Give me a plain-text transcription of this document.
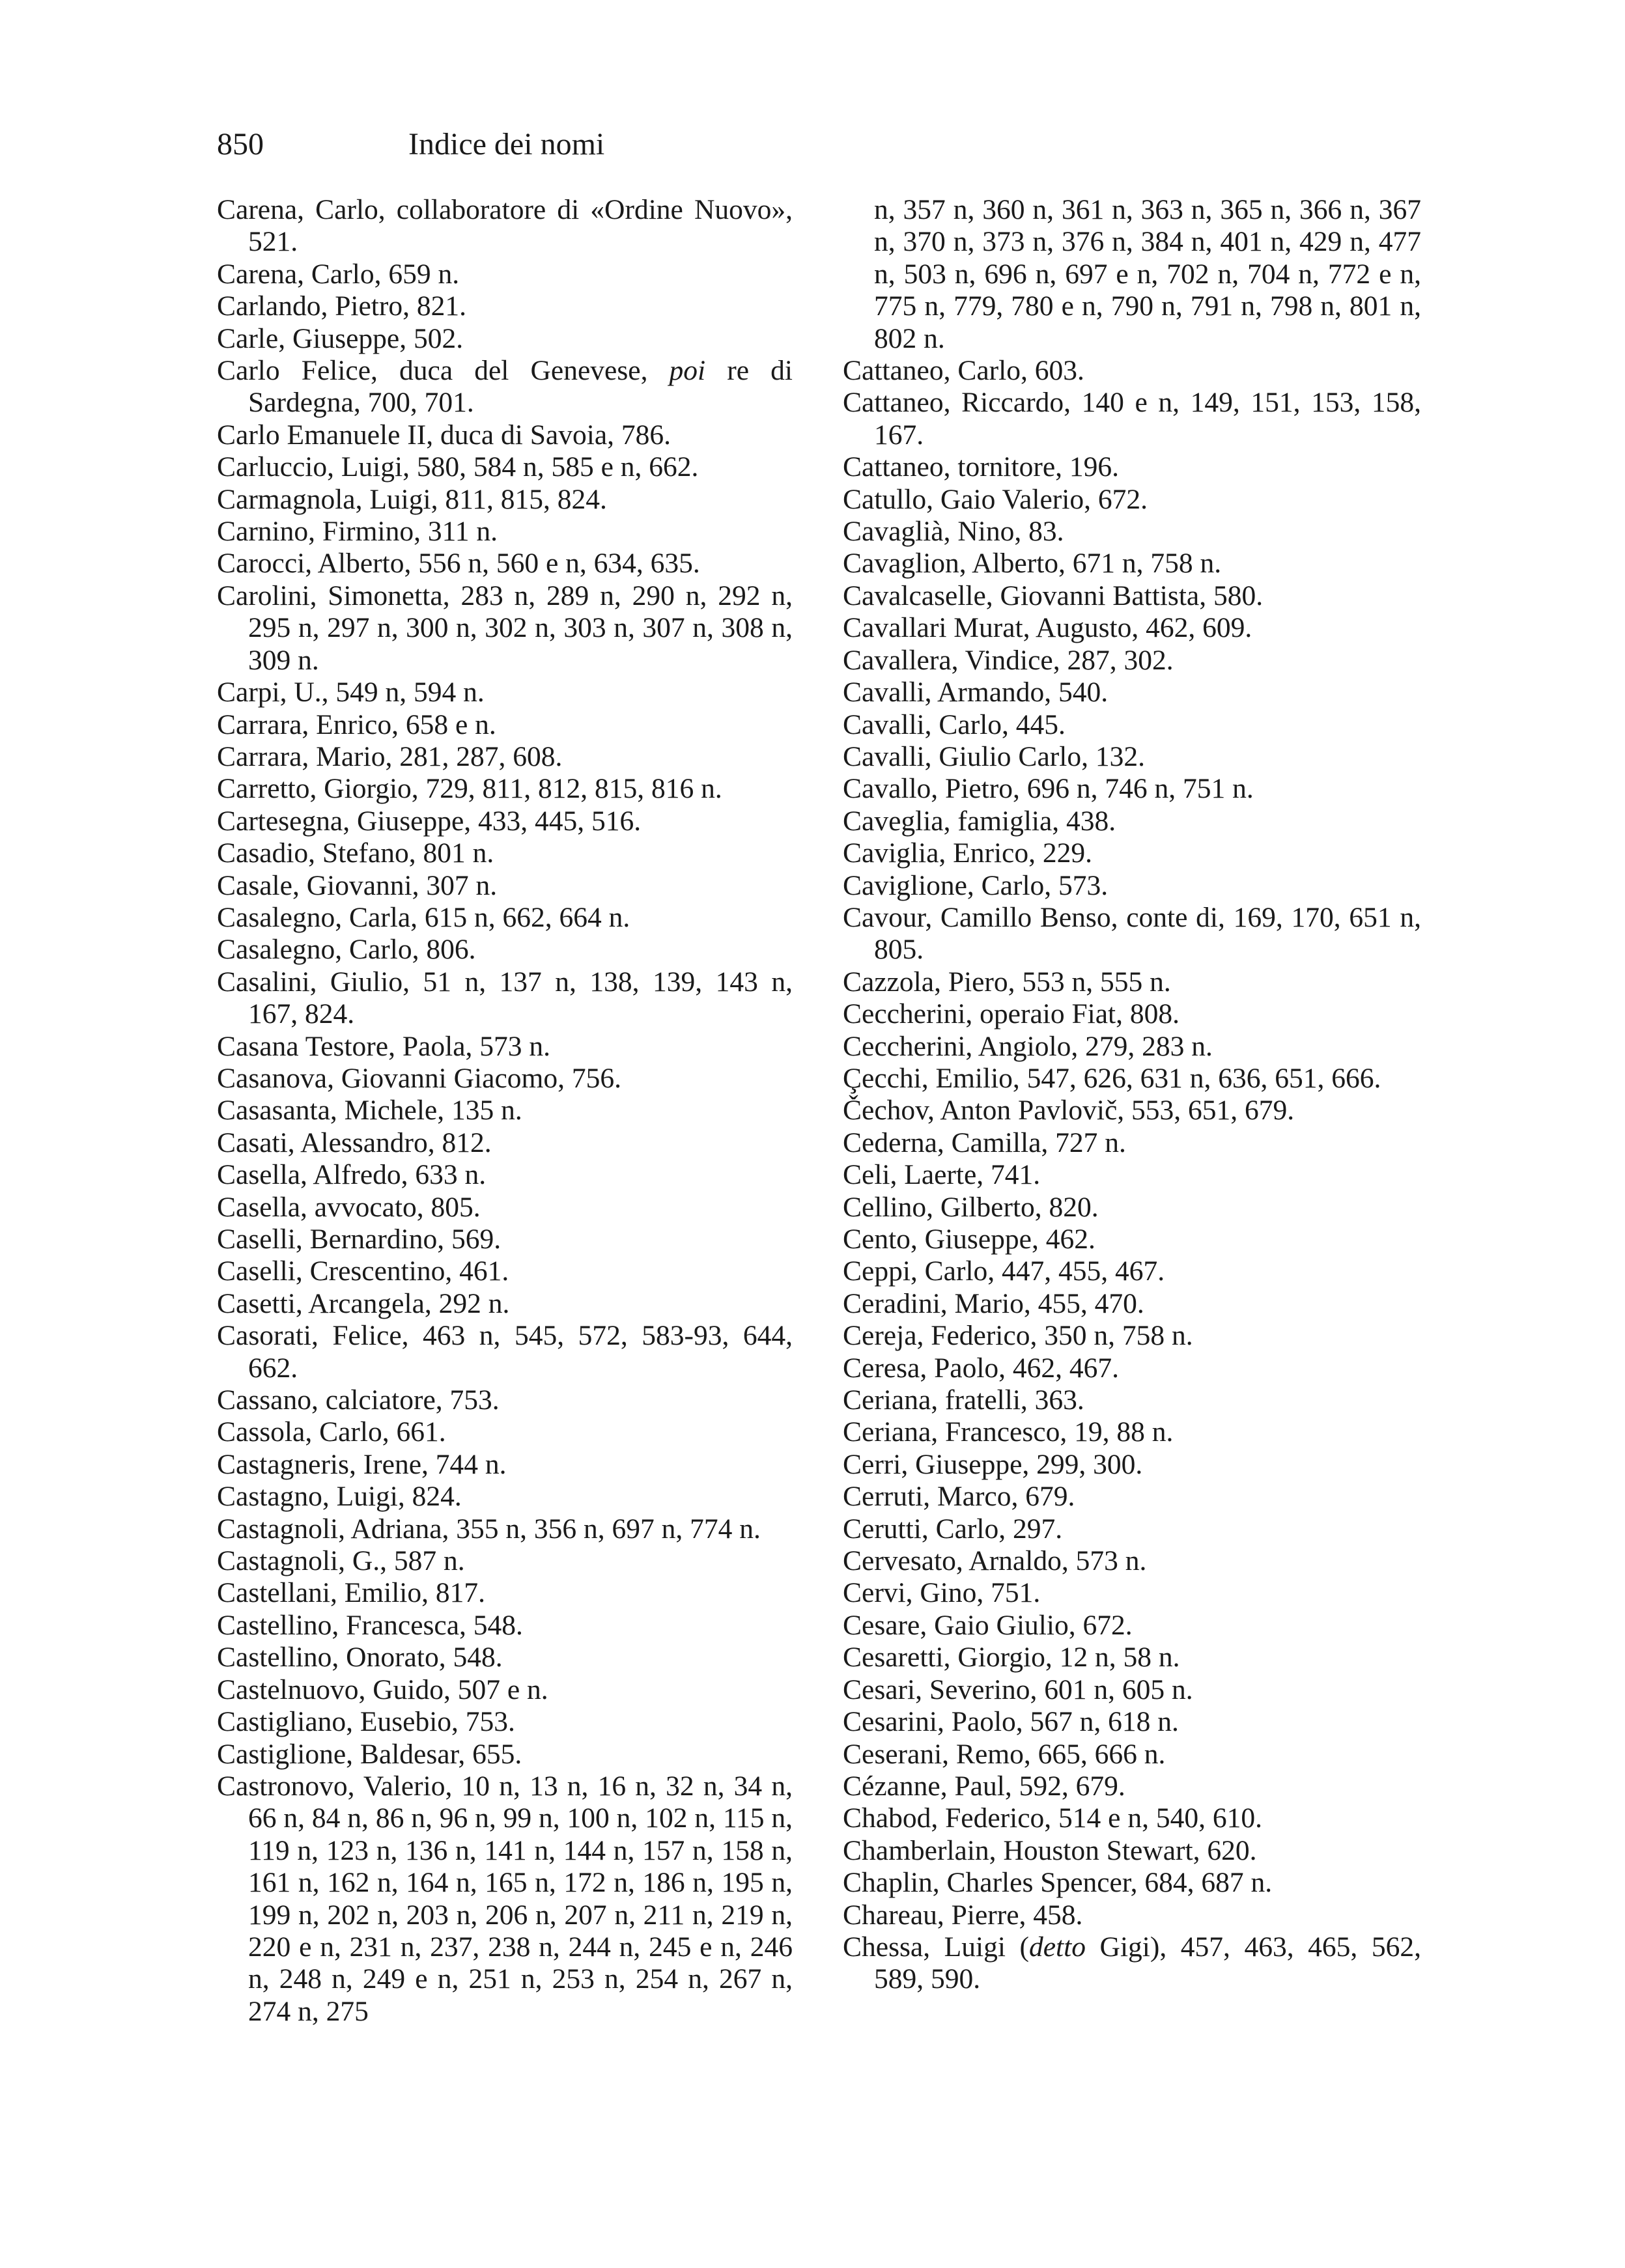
850	Indice dei nomi
Carena, Carlo, collaboratore di «Ordine Nuovo», 521.
Carena, Carlo, 659 n.
Carlando, Pietro, 821.
Carle, Giuseppe, 502.
Carlo Felice, duca del Genevese, poi re di Sardegna, 700, 701.
Carlo Emanuele II, duca di Savoia, 786.
Carluccio, Luigi, 580, 584 n, 585 e n, 662.
Carmagnola, Luigi, 811, 815, 824.
Carnino, Firmino, 311 n.
Carocci, Alberto, 556 n, 560 e n, 634, 635.
Carolini, Simonetta, 283 n, 289 n, 290 n, 292 n, 295 n, 297 n, 300 n, 302 n, 303 n, 307 n, 308 n, 309 n.
Carpi, U., 549 n, 594 n.
Carrara, Enrico, 658 e n.
Carrara, Mario, 281, 287, 608.
Carretto, Giorgio, 729, 811, 812, 815, 816 n.
Cartesegna, Giuseppe, 433, 445, 516.
Casadio, Stefano, 801 n.
Casale, Giovanni, 307 n.
Casalegno, Carla, 615 n, 662, 664 n.
Casalegno, Carlo, 806.
Casalini, Giulio, 51 n, 137 n, 138, 139, 143 n, 167, 824.
Casana Testore, Paola, 573 n.
Casanova, Giovanni Giacomo, 756.
Casasanta, Michele, 135 n.
Casati, Alessandro, 812.
Casella, Alfredo, 633 n.
Casella, avvocato, 805.
Caselli, Bernardino, 569.
Caselli, Crescentino, 461.
Casetti, Arcangela, 292 n.
Casorati, Felice, 463 n, 545, 572, 583-93, 644, 662.
Cassano, calciatore, 753.
Cassola, Carlo, 661.
Castagneris, Irene, 744 n.
Castagno, Luigi, 824.
Castagnoli, Adriana, 355 n, 356 n, 697 n, 774 n.
Castagnoli, G., 587 n.
Castellani, Emilio, 817.
Castellino, Francesca, 548.
Castellino, Onorato, 548.
Castelnuovo, Guido, 507 e n.
Castigliano, Eusebio, 753.
Castiglione, Baldesar, 655.
Castronovo, Valerio, 10 n, 13 n, 16 n, 32 n, 34 n, 66 n, 84 n, 86 n, 96 n, 99 n, 100 n, 102 n, 115 n, 119 n, 123 n, 136 n, 141 n, 144 n, 157 n, 158 n, 161 n, 162 n, 164 n, 165 n, 172 n, 186 n, 195 n, 199 n, 202 n, 203 n, 206 n, 207 n, 211 n, 219 n, 220 e n, 231 n, 237, 238 n, 244 n, 245 e n, 246 n, 248 n, 249 e n, 251 n, 253 n, 254 n, 267 n, 274 n, 275
n, 357 n, 360 n, 361 n, 363 n, 365 n, 366 n, 367 n, 370 n, 373 n, 376 n, 384 n, 401 n, 429 n, 477 n, 503 n, 696 n, 697 e n, 702 n, 704 n, 772 e n, 775 n, 779, 780 e n, 790 n, 791 n, 798 n, 801 n, 802 n.
Cattaneo, Carlo, 603.
Cattaneo, Riccardo, 140 e n, 149, 151, 153, 158, 167.
Cattaneo, tornitore, 196.
Catullo, Gaio Valerio, 672.
Cavaglià, Nino, 83.
Cavaglion, Alberto, 671 n, 758 n.
Cavalcaselle, Giovanni Battista, 580.
Cavallari Murat, Augusto, 462, 609.
Cavallera, Vindice, 287, 302.
Cavalli, Armando, 540.
Cavalli, Carlo, 445.
Cavalli, Giulio Carlo, 132.
Cavallo, Pietro, 696 n, 746 n, 751 n.
Caveglia, famiglia, 438.
Caviglia, Enrico, 229.
Caviglione, Carlo, 573.
Cavour, Camillo Benso, conte di, 169, 170, 651 n, 805.
Cazzola, Piero, 553 n, 555 n.
Ceccherini, operaio Fiat, 808.
Ceccherini, Angiolo, 279, 283 n.
Çecchi, Emilio, 547, 626, 631 n, 636, 651, 666.
Čechov, Anton Pavlovič, 553, 651, 679.
Cederna, Camilla, 727 n.
Celi, Laerte, 741.
Cellino, Gilberto, 820.
Cento, Giuseppe, 462.
Ceppi, Carlo, 447, 455, 467.
Ceradini, Mario, 455, 470.
Cereja, Federico, 350 n, 758 n.
Ceresa, Paolo, 462, 467.
Ceriana, fratelli, 363.
Ceriana, Francesco, 19, 88 n.
Cerri, Giuseppe, 299, 300.
Cerruti, Marco, 679.
Cerutti, Carlo, 297.
Cervesato, Arnaldo, 573 n.
Cervi, Gino, 751.
Cesare, Gaio Giulio, 672.
Cesaretti, Giorgio, 12 n, 58 n.
Cesari, Severino, 601 n, 605 n.
Cesarini, Paolo, 567 n, 618 n.
Ceserani, Remo, 665, 666 n.
Cézanne, Paul, 592, 679.
Chabod, Federico, 514 e n, 540, 610.
Chamberlain, Houston Stewart, 620.
Chaplin, Charles Spencer, 684, 687 n.
Chareau, Pierre, 458.
Chessa, Luigi (detto Gigi), 457, 463, 465, 562, 589, 590.
